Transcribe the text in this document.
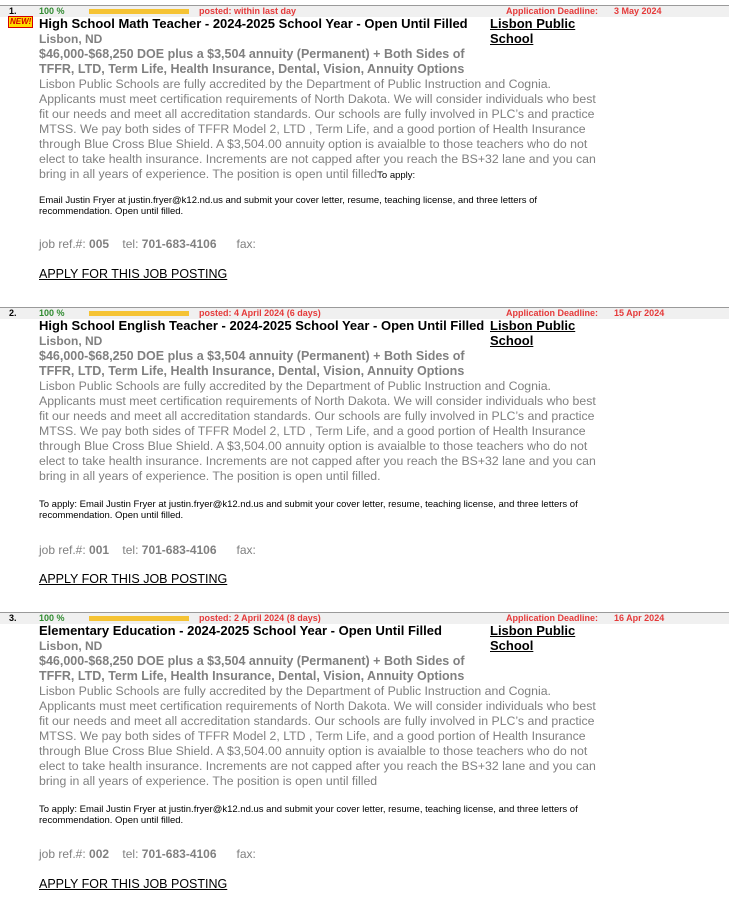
1. 100 %	posted: within last day	Application Deadline: 3 May 2024
NEW! High School Math Teacher - 2024-2025 School Year - Open Until Filled Lisbon Public School
Lisbon, ND
$46,000-$68,250 DOE plus a $3,504 annuity (Permanent) + Both Sides of TFFR, LTD, Term Life, Health Insurance, Dental, Vision, Annuity Options
Lisbon Public Schools are fully accredited by the Department of Public Instruction and Cognia. Applicants must meet certification requirements of North Dakota. We will consider individuals who best fit our needs and meet all accreditation standards. Our schools are fully involved in PLC’s and practice MTSS. We pay both sides of TFFR Model 2, LTD , Term Life, and a good portion of Health Insurance through Blue Cross Blue Shield. A $3,504.00 annuity option is avaialble to those teachers who do not elect to take health insurance. Increments are not capped after you reach the BS+32 lane and you can bring in all years of experience. The position is open until filledTo apply:
Email Justin Fryer at justin.fryer@k12.nd.us and submit your cover letter, resume, teaching license, and three letters of recommendation. Open until filled.
job ref.#: 005 tel: 701-683-4106 fax:
APPLY FOR THIS JOB POSTING
2. 100 %	posted: 4 April 2024 (6 days)	Application Deadline: 15 Apr 2024
High School English Teacher - 2024-2025 School Year - Open Until Filled Lisbon Public School
Lisbon, ND
$46,000-$68,250 DOE plus a $3,504 annuity (Permanent) + Both Sides of TFFR, LTD, Term Life, Health Insurance, Dental, Vision, Annuity Options
Lisbon Public Schools are fully accredited by the Department of Public Instruction and Cognia. Applicants must meet certification requirements of North Dakota. We will consider individuals who best fit our needs and meet all accreditation standards. Our schools are fully involved in PLC’s and practice MTSS. We pay both sides of TFFR Model 2, LTD , Term Life, and a good portion of Health Insurance through Blue Cross Blue Shield. A $3,504.00 annuity option is avaialble to those teachers who do not elect to take health insurance. Increments are not capped after you reach the BS+32 lane and you can bring in all years of experience. The position is open until filled.
To apply: Email Justin Fryer at justin.fryer@k12.nd.us and submit your cover letter, resume, teaching license, and three letters of recommendation. Open until filled.
job ref.#: 001 tel: 701-683-4106 fax:
APPLY FOR THIS JOB POSTING
3. 100 %	posted: 2 April 2024 (8 days)	Application Deadline: 16 Apr 2024
Elementary Education - 2024-2025 School Year - Open Until Filled	Lisbon Public School
Lisbon, ND
$46,000-$68,250 DOE plus a $3,504 annuity (Permanent) + Both Sides of TFFR, LTD, Term Life, Health Insurance, Dental, Vision, Annuity Options
Lisbon Public Schools are fully accredited by the Department of Public Instruction and Cognia. Applicants must meet certification requirements of North Dakota. We will consider individuals who best fit our needs and meet all accreditation standards. Our schools are fully involved in PLC’s and practice MTSS. We pay both sides of TFFR Model 2, LTD , Term Life, and a good portion of Health Insurance through Blue Cross Blue Shield. A $3,504.00 annuity option is avaialble to those teachers who do not elect to take health insurance. Increments are not capped after you reach the BS+32 lane and you can bring in all years of experience. The position is open until filled
To apply: Email Justin Fryer at justin.fryer@k12.nd.us and submit your cover letter, resume, teaching license, and three letters of recommendation. Open until filled.
job ref.#: 002 tel: 701-683-4106 fax:
APPLY FOR THIS JOB POSTING
